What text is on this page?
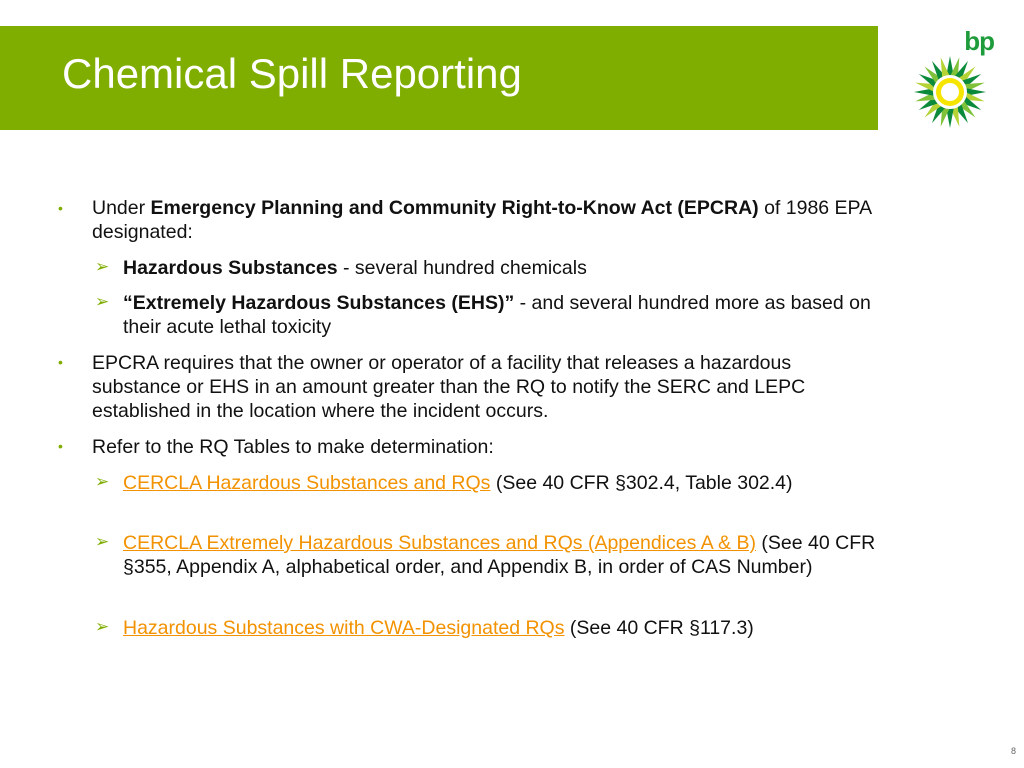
Chemical Spill Reporting
bp
• Under Emergency Planning and Community Right-to-Know Act (EPCRA) of 1986 EPA designated:
➢ Hazardous Substances - several hundred chemicals
➢ “Extremely Hazardous Substances (EHS)” - and several hundred more as based on their acute lethal toxicity
• EPCRA requires that the owner or operator of a facility that releases a hazardous substance or EHS in an amount greater than the RQ to notify the SERC and LEPC established in the location where the incident occurs.
• Refer to the RQ Tables to make determination:
➢ CERCLA Hazardous Substances and RQs (See 40 CFR §302.4, Table 302.4)
➢ CERCLA Extremely Hazardous Substances and RQs (Appendices A & B) (See 40 CFR §355, Appendix A, alphabetical order, and Appendix B, in order of CAS Number)
➢ Hazardous Substances with CWA-Designated RQs (See 40 CFR §117.3)
8
